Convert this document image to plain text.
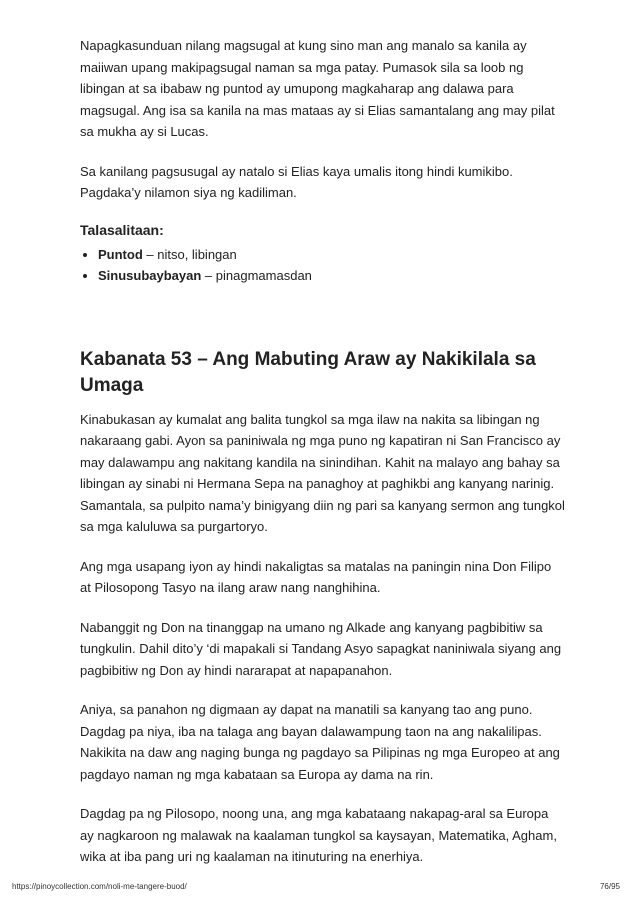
Napagkasunduan nilang magsugal at kung sino man ang manalo sa kanila ay maiiwan upang makipagsugal naman sa mga patay. Pumasok sila sa loob ng libingan at sa ibabaw ng puntod ay umupong magkaharap ang dalawa para magsugal. Ang isa sa kanila na mas mataas ay si Elias samantalang ang may pilat sa mukha ay si Lucas.

Sa kanilang pagsusugal ay natalo si Elias kaya umalis itong hindi kumikibo. Pagdaka’y nilamon siya ng kadiliman.

Talasalitaan:
• Puntod – nitso, libingan
• Sinusubaybayan – pinagmamasdan
Kabanata 53 – Ang Mabuting Araw ay Nakikilala sa Umaga

Kinabukasan ay kumalat ang balita tungkol sa mga ilaw na nakita sa libingan ng nakaraang gabi. Ayon sa paniniwala ng mga puno ng kapatiran ni San Francisco ay may dalawampu ang nakitang kandila na sinindihan. Kahit na malayo ang bahay sa libingan ay sinabi ni Hermana Sepa na panaghoy at paghikbi ang kanyang narinig. Samantala, sa pulpito nama’y binigyang diin ng pari sa kanyang sermon ang tungkol sa mga kaluluwa sa purgartoryo.

Ang mga usapang iyon ay hindi nakaligtas sa matalas na paningin nina Don Filipo at Pilosopong Tasyo na ilang araw nang nanghihina.

Nabanggit ng Don na tinanggap na umano ng Alkade ang kanyang pagbibitiw sa tungkulin. Dahil dito’y ‘di mapakali si Tandang Asyo sapagkat naniniwala siyang ang pagbibitiw ng Don ay hindi nararapat at napapanahon.

Aniya, sa panahon ng digmaan ay dapat na manatili sa kanyang tao ang puno. Dagdag pa niya, iba na talaga ang bayan dalawampung taon na ang nakalilipas. Nakikita na daw ang naging bunga ng pagdayo sa Pilipinas ng mga Europeo at ang pagdayo naman ng mga kabataan sa Europa ay dama na rin.

Dagdag pa ng Pilosopo, noong una, ang mga kabataang nakapag-aral sa Europa ay nagkaroon ng malawak na kaalaman tungkol sa kaysayan, Matematika, Agham, wika at iba pang uri ng kaalaman na itinuturing na enerhiya.

https://pinoycollection.com/noli-me-tangere-buod/	76/95
